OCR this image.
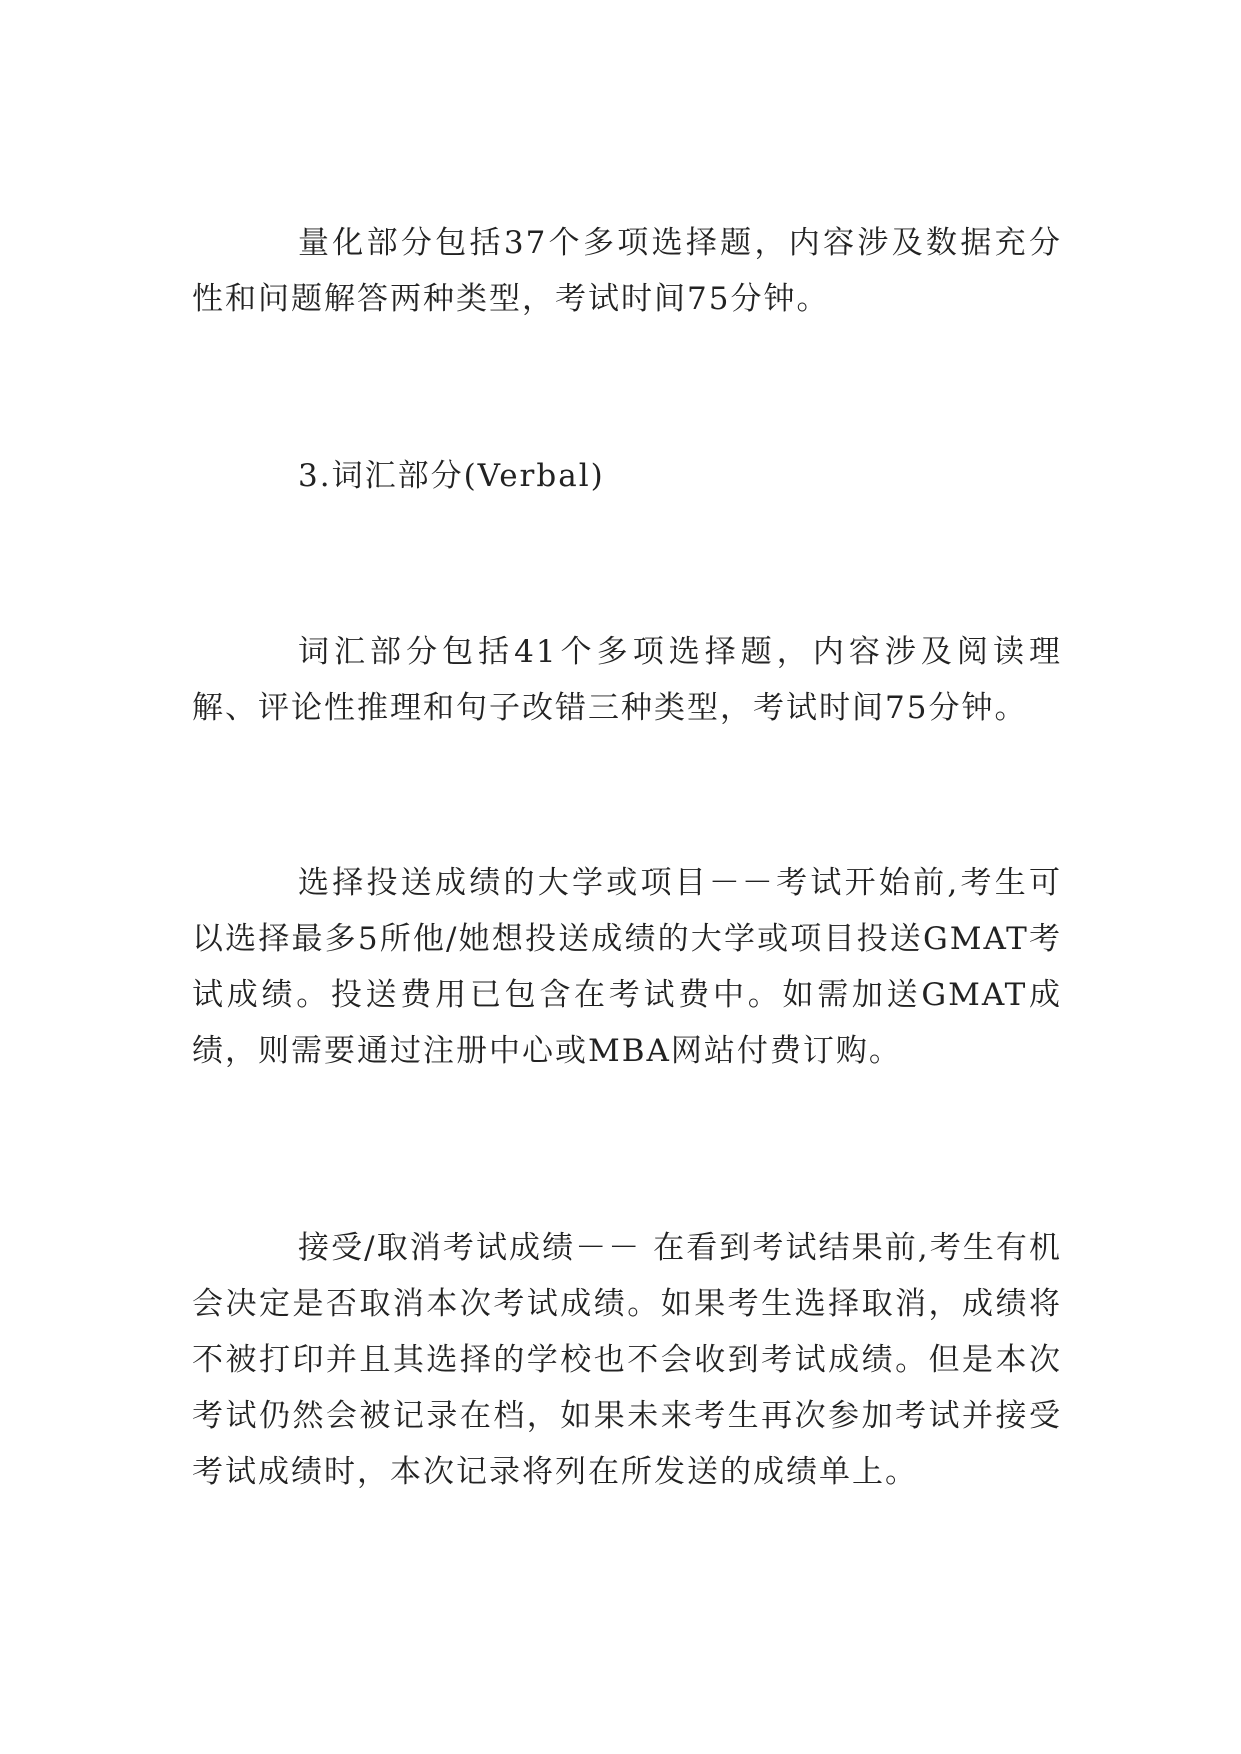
量化部分包括37个多项选择题，内容涉及数据充分性和问题解答两种类型，考试时间75分钟。

3.词汇部分(Verbal)

词汇部分包括41个多项选择题，内容涉及阅读理解、评论性推理和句子改错三种类型，考试时间75分钟。

选择投送成绩的大学或项目－－考试开始前,考生可以选择最多5所他/她想投送成绩的大学或项目投送GMAT考试成绩。投送费用已包含在考试费中。如需加送GMAT成绩，则需要通过注册中心或MBA网站付费订购。

接受/取消考试成绩－－ 在看到考试结果前,考生有机会决定是否取消本次考试成绩。如果考生选择取消，成绩将不被打印并且其选择的学校也不会收到考试成绩。但是本次考试仍然会被记录在档，如果未来考生再次参加考试并接受考试成绩时，本次记录将列在所发送的成绩单上。
